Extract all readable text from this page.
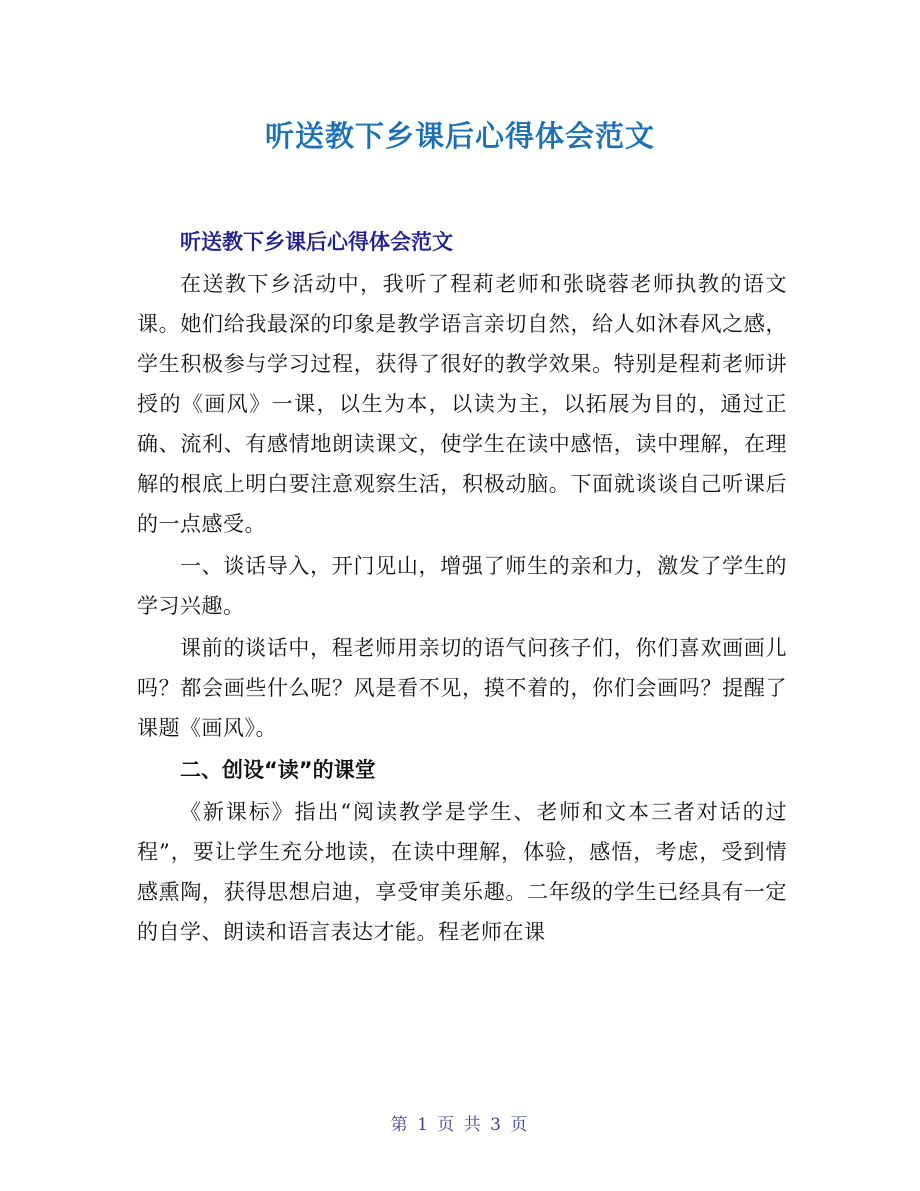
听送教下乡课后心得体会范文

听送教下乡课后心得体会范文

在送教下乡活动中，我听了程莉老师和张晓蓉老师执教的语文课。她们给我最深的印象是教学语言亲切自然，给人如沐春风之感，学生积极参与学习过程，获得了很好的教学效果。特别是程莉老师讲授的《画风》一课，以生为本，以读为主，以拓展为目的，通过正确、流利、有感情地朗读课文，使学生在读中感悟，读中理解，在理解的根底上明白要注意观察生活，积极动脑。下面就谈谈自己听课后的一点感受。

一、谈话导入，开门见山，增强了师生的亲和力，激发了学生的学习兴趣。

课前的谈话中，程老师用亲切的语气问孩子们，你们喜欢画画儿吗？都会画些什么呢？风是看不见，摸不着的，你们会画吗？提醒了课题《画风》。

二、创设“读”的课堂

《新课标》指出“阅读教学是学生、老师和文本三者对话的过程”，要让学生充分地读，在读中理解，体验，感悟，考虑，受到情感熏陶，获得思想启迪，享受审美乐趣。二年级的学生已经具有一定的自学、朗读和语言表达才能。程老师在课

第 1 页 共 3 页
